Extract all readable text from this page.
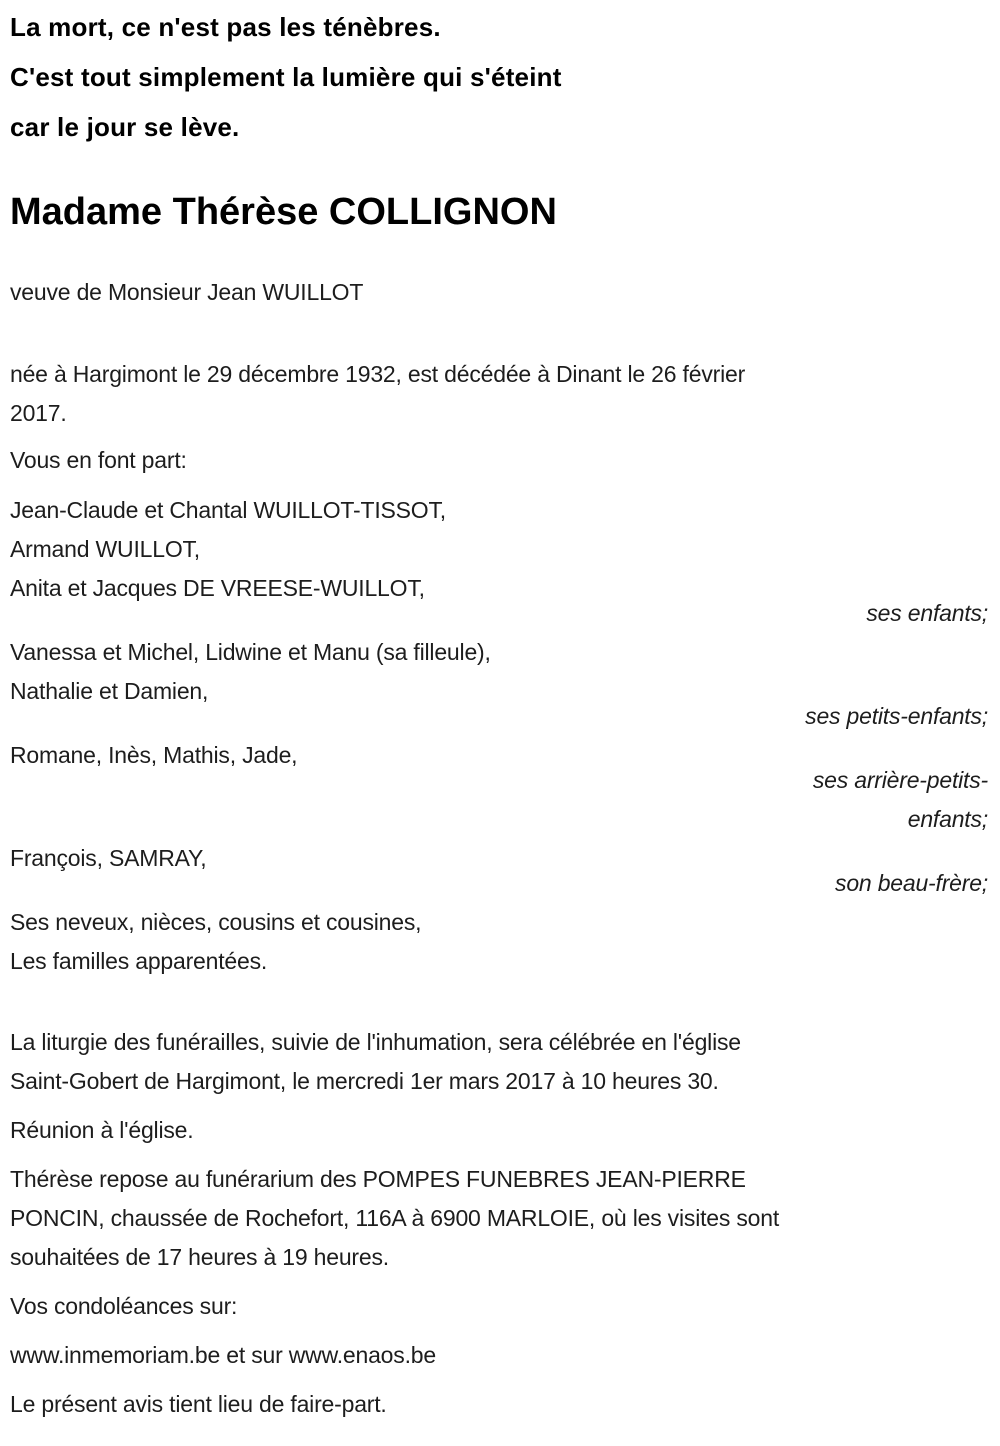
La mort, ce n'est pas les ténèbres.

C'est tout simplement la lumière qui s'éteint

car le jour se lève.

Madame Thérèse COLLIGNON

veuve de Monsieur Jean WUILLOT

née à Hargimont le 29 décembre 1932, est décédée à Dinant le 26 février

2017.

Vous en font part:

Jean-Claude et Chantal WUILLOT-TISSOT,

Armand WUILLOT,

Anita et Jacques DE VREESE-WUILLOT,

ses enfants;

Vanessa et Michel, Lidwine et Manu (sa filleule),

Nathalie et Damien,

ses petits-enfants;

Romane, Inès, Mathis, Jade,

ses arrière-petits-enfants;

François, SAMRAY,

son beau-frère;

Ses neveux, nièces, cousins et cousines,

Les familles apparentées.

La liturgie des funérailles, suivie de l'inhumation, sera célébrée en l'église

Saint-Gobert de Hargimont, le mercredi 1er mars 2017 à 10 heures 30.

Réunion à l'église.

Thérèse repose au funérarium des POMPES FUNEBRES JEAN-PIERRE

PONCIN, chaussée de Rochefort, 116A à 6900 MARLOIE, où les visites sont

souhaitées de 17 heures à 19 heures.

Vos condoléances sur:

www.inmemoriam.be et sur www.enaos.be

Le présent avis tient lieu de faire-part.
